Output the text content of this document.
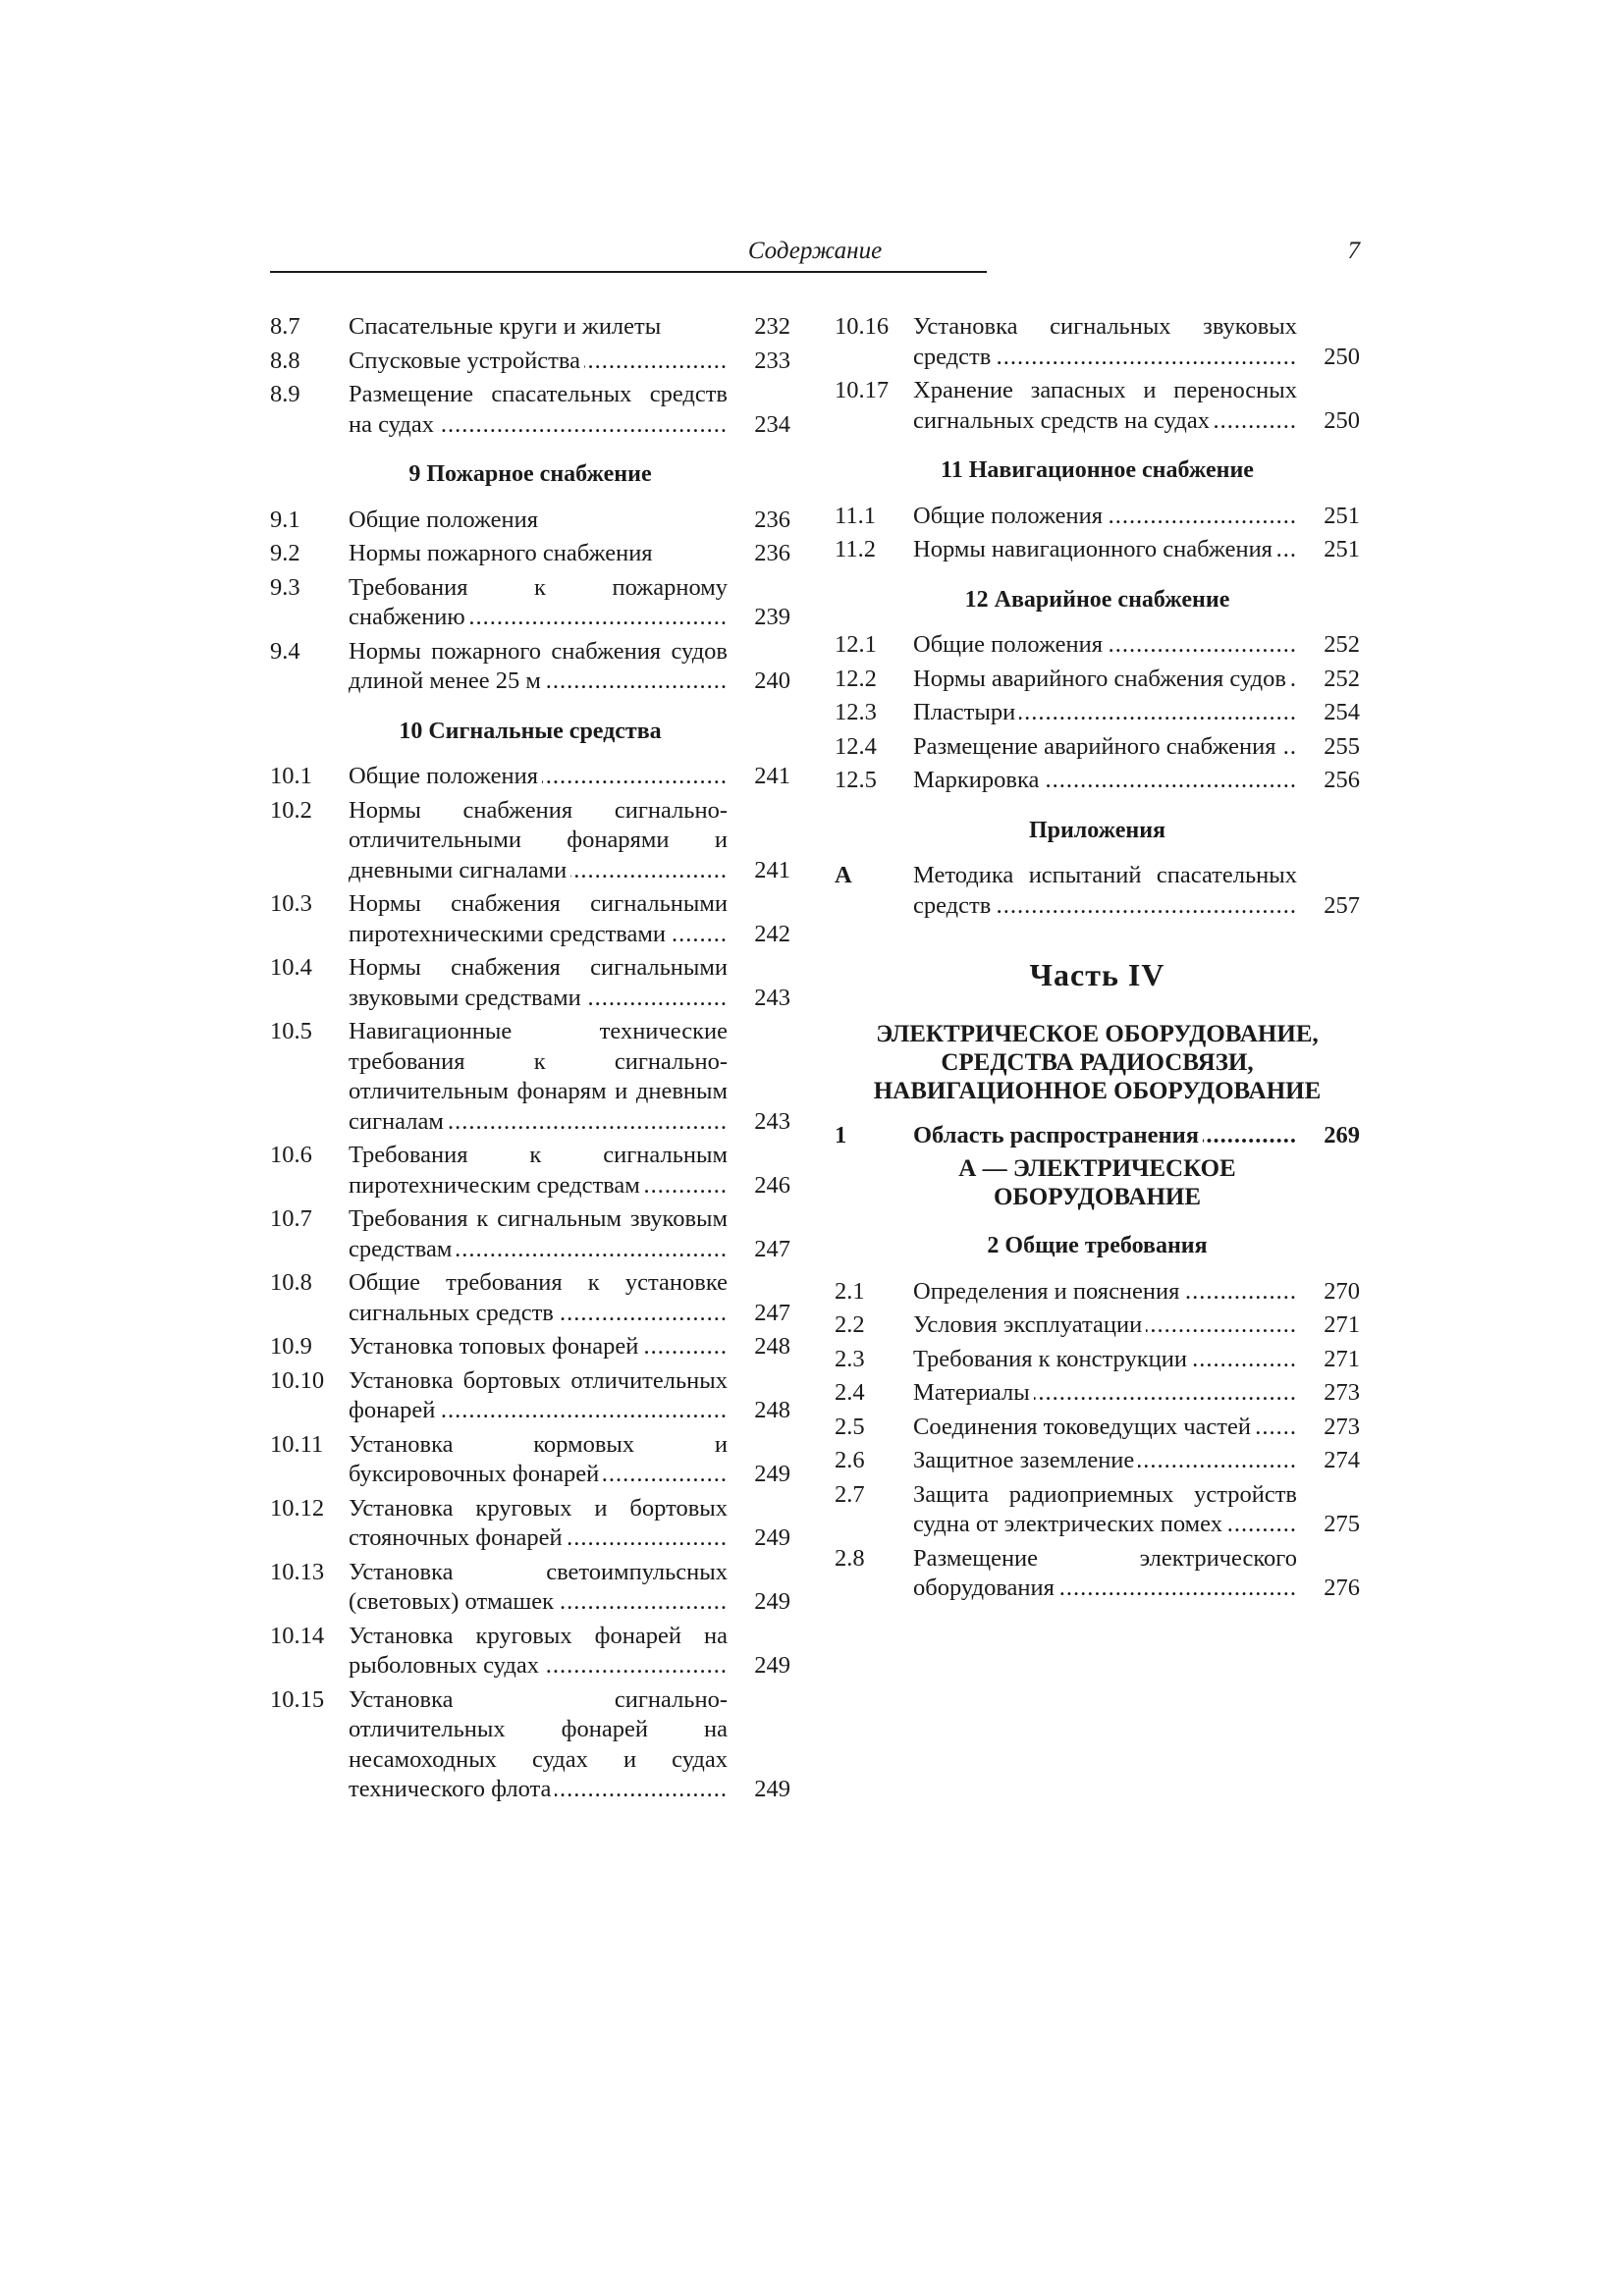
Содержание	7
8.7	Спасательные круги и жилеты	232
8.8	Спусковые устройства .....	233
8.9	Размещение спасательных средств на судах .....	234
9 Пожарное снабжение
9.1	Общие положения	236
9.2	Нормы пожарного снабжения	236
9.3	Требования к пожарному снабжению .....	239
9.4	Нормы пожарного снабжения судов длиной менее 25 м .....	240
10 Сигнальные средства
10.1	Общие положения .....	241
10.2	Нормы снабжения сигнально-отличительными фонарями и дневными сигналами .....	241
10.3	Нормы снабжения сигнальными пиротехническими средствами .....	242
10.4	Нормы снабжения сигнальными звуковыми средствами .....	243
10.5	Навигационные технические требования к сигнально-отличительным фонарям и дневным сигналам .....	243
10.6	Требования к сигнальным пиротехническим средствам .....	246
10.7	Требования к сигнальным звуковым средствам .....	247
10.8	Общие требования к установке сигнальных средств .....	247
10.9	Установка топовых фонарей .....	248
10.10	Установка бортовых отличительных фонарей .....	248
10.11	Установка кормовых и буксировочных фонарей .....	249
10.12	Установка круговых и бортовых стояночных фонарей .....	249
10.13	Установка светоимпульсных (световых) отмашек .....	249
10.14	Установка круговых фонарей на рыболовных судах .....	249
10.15	Установка сигнально-отличительных фонарей на несамоходных судах и судах технического флота .....	249
10.16	Установка сигнальных звуковых средств .....	250
10.17	Хранение запасных и переносных сигнальных средств на судах .....	250
11 Навигационное снабжение
11.1	Общие положения .....	251
11.2	Нормы навигационного снабжения .....	251
12 Аварийное снабжение
12.1	Общие положения .....	252
12.2	Нормы аварийного снабжения судов .....	252
12.3	Пластыри .....	254
12.4	Размещение аварийного снабжения .....	255
12.5	Маркировка .....	256
Приложения
А	Методика испытаний спасательных средств .....	257
Часть IV
ЭЛЕКТРИЧЕСКОЕ ОБОРУДОВАНИЕ,
СРЕДСТВА РАДИОСВЯЗИ,
НАВИГАЦИОННОЕ ОБОРУДОВАНИЕ
1	Область распространения .....	269
А — ЭЛЕКТРИЧЕСКОЕ
ОБОРУДОВАНИЕ
2 Общие требования
2.1	Определения и пояснения .....	270
2.2	Условия эксплуатации .....	271
2.3	Требования к конструкции .....	271
2.4	Материалы .....	273
2.5	Соединения токоведущих частей .....	273
2.6	Защитное заземление .....	274
2.7	Защита радиоприемных устройств судна от электрических помех .....	275
2.8	Размещение электрического оборудования .....	276
